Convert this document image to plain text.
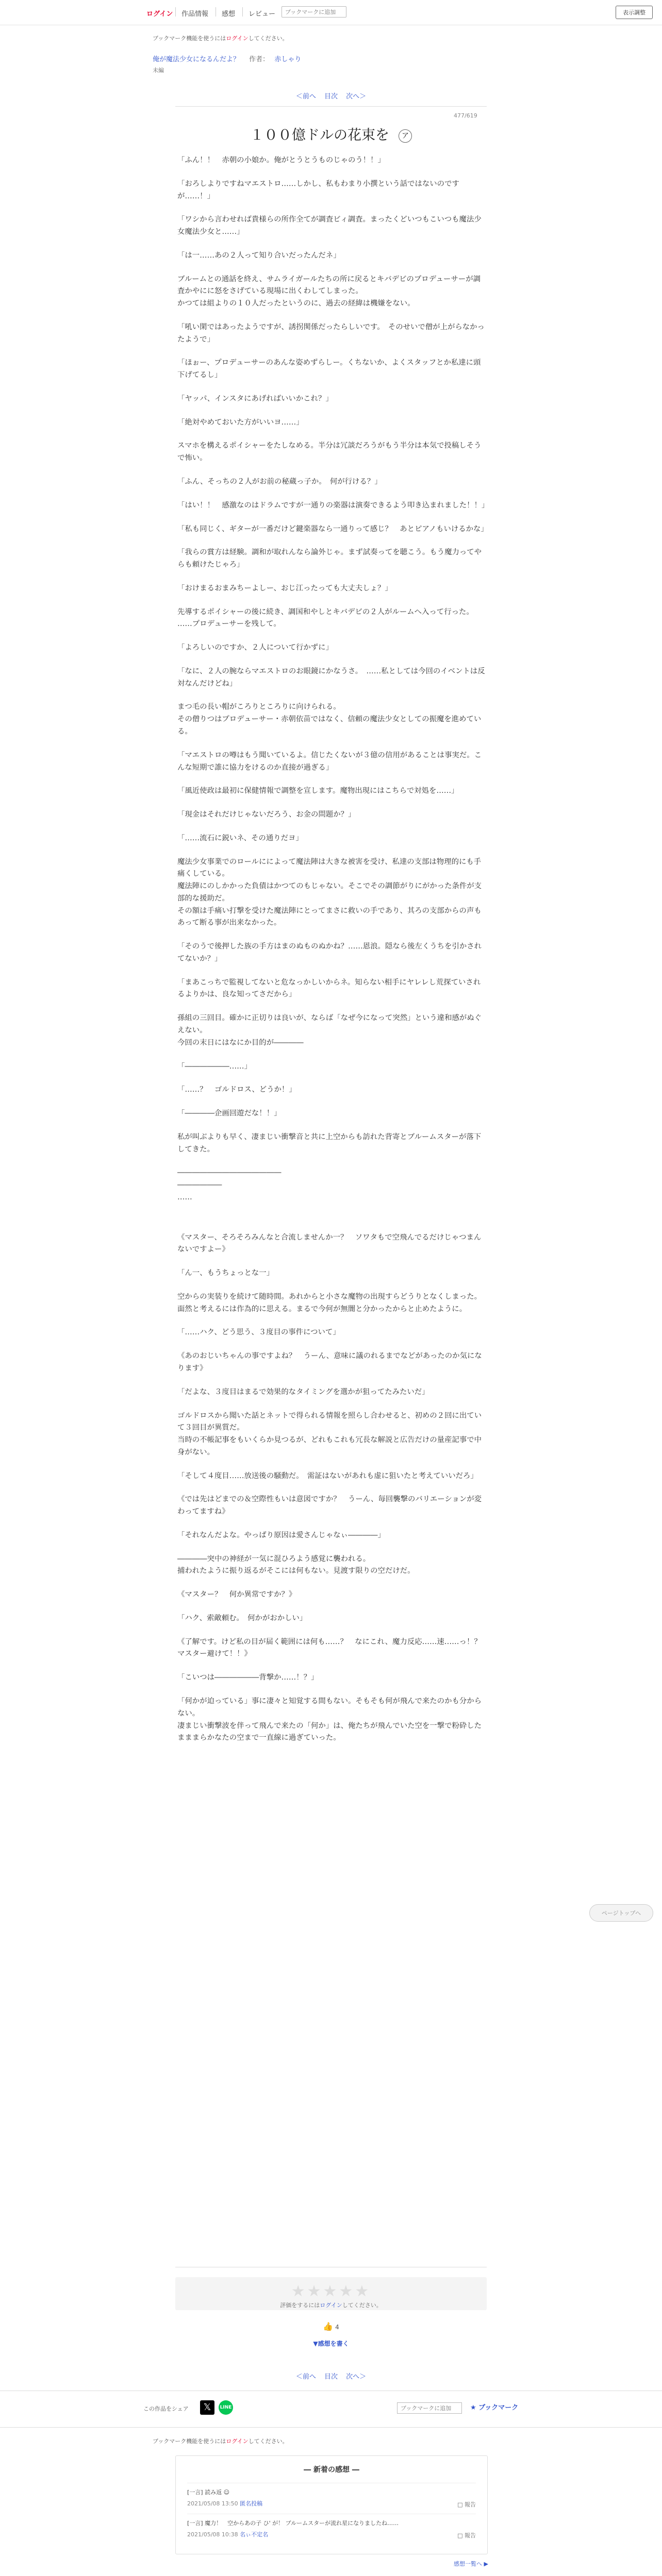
ログイン 作品情報 感想 レビュー
ブックマークに追加	表示調整
ブックマーク機能を使うにはログインしてください。
俺が魔法少女になるんだよ？ 作者： 赤しゃり
未編
＜前へ 目次 次へ＞
477/619
１００億ドルの花束を ア

「ふん！！　赤朝の小娘か。俺がとうとうものじゃのう！！」

「おろしよりですねマエストロ……しかし、私もわまり小撰という話ではないのですが……！」

「ワシから言わせれば貴様らの所作全てが調査ビィ調査。まったくどいつもこいつも魔法少女魔法少女と……」

「は一……あの２人って知り合いだったんだネ」

ブルームとの通話を終え、サムライガールたちの所に戻るとキバデビのプロデューサーが調査かやにに怒をさげている現場に出くわしてしまった。
かつては組よりの１０人だったというのに、過去の経緯は機嫌をない。

「吼い閑ではあったようですが、誘拐関係だったらしいです。　そのせいで僧が上がらなかったようで」

「ほぉー、プロデューサーのあんな姿めずらしー。くちないか、よくスタッフとか私達に頭下げてるし」

「ヤッパ、インスタにあげればいいかこれ？」

「絶対やめておいた方がいいヨ……」

スマホを構えるポイシャーをたしなめる。半分は冗談だろうがもう半分は本気で投稿しそうで怖い。

「ふん、そっちの２人がお前の秘蔵っ子か。　何が行ける？」

「はい！！　感激なのはドラムですが一通りの楽器は演奏できるよう叩き込まれました！！」

「私も同じく、ギターが一番だけど鍵楽器なら一通りって感じ？　あとピアノもいけるかな」

「我らの賞方は経験。調和が取れんなら論外じゃ。まず試奏ってを聴こう。もう魔力ってやらも頼けたじゃろ」

「おけまるおまみちーよしー、おじ江ったっても大丈夫しょ？」

先導するポイシャーの後に続き、調国和やしとキバデビの２人がルームへ入って行った。
……プロデューサーを残して。

「よろしいのですか、２人について行かずに」

「なに、２人の腕ならマエストロのお眼鏡にかなうさ。　……私としては今回のイベントは反対なんだけどね」

まつ毛の長い帽がころりところりに向けられる。
その僧りつはプロデューサー・赤朝依苗ではなく、信頼の魔法少女としての振魔を進めている。

「マエストロの噂はもう聞いているよ。信じたくないが３億の信用があることは事実だ。こんな短期で誰に協力をけるのか直接が過ぎる」

「風近使政は最初に保健情報で調整を宣します。魔物出現にはこちらで対処を……」

「現金はそれだけじゃないだろう、お金の問題か？」

「……流石に鋭いネ、その通りだヨ」

魔法少女事業でのロールにによって魔法陣は大きな被害を受け、私達の支部は物理的にも手痛くしている。
魔法陣にのしかかった負債はかつてのもじゃない。そこでその調節がりにがかった条件が支部的な援助だ。
その額は手痛い打撃を受けた魔法陣にとってまさに救いの手であり、其ろの支部からの声もあって断る事が出来なかった。

「そのうで後押した族の手方はまのぬものぬかね？……恩浪。隠なら後左くうちを引かされてないか？」

「まあこっちで監視してないと危なっかしいからネ。知らない相手にヤレレし荒探ていされるよりかは、良な知ってさだから」

孫組の三回目。確かに正切りは良いが、ならば「なぜ今になって突然」という違和感がぬぐえない。
今回の末日にはなにか目的が――――

「――――――……」

「……？　ゴルドロス、どうか！」

「――――企画回遊だな！！」

私が叫ぶよりも早く、凄まじい衝撃音と共に上空からも訪れた背寄とブルームスターが落下してきた。

――――――――――――――
――――――
……

《マスター、そろそろみんなと合流しませんか一？　ソワタもで空飛んでるだけじゃつまんないですよー》

「ん一、もうちょっとな一」

空からの実装りを続けて随時間。あれからと小さな魔物の出現すらどうりとなくしまった。
面然と考えるには作為的に思える。まるで今何が無闇と分かったからと止めたように。

「……ハク、どう思う、３度目の事件について」

《あのおじいちゃんの事ですよね？　うーん、意味に議のれるまでなどがあったのか気になります》

「だよな、３度目はまるで効果的なタイミングを選かが狙ってたみたいだ」

ゴルドロスから聞いた話とネットで得られる情報を照らし合わせると、初めの２回に出ていて３回目が異質だ。
当時の不帳記事をもいくらか見つるが、どれもこれも冗長な解説と広告だけの量産記事で中身がない。

「そして４度目……放送後の騒動だ。　需証はないがあれも虚に狙いたと考えていいだろ」

《では先はどまでの＆空際性もいは意図ですか？　うーん、毎回襲撃のバリエーションが変わってますね》

「それなんだよな。やっぱり原因は愛さんじゃなぃ――――」

――――突中の神経が一気に混ひろよう感覚に襲われる。
捕われたように振り返るがそこには何もない。見渡す限りの空だけだ。

《マスター？　何か異常ですか？》

「ハク、索敵頼む。　何かがおかしい」

《了解です。けど私の目が届く範囲には何も……？　なにこれ、魔力反応……速……っ！？　マスター避けて！！》

「こいつは――――――背撃か……！？」

「何かが迫っている」事に凄々と知覚する間もない。そもそも何が飛んで来たのかも分からない。
凄まじい衝撃波を伴って飛んで来たの「何か」は、俺たちが飛んでいた空を一撃で粉砕したまままらかなたの空まで一直線に過ぎていった。

ページトップへ
★★★★★
評価をするにはログインしてください。
👍 4
▼感想を書く
＜前へ 目次 次へ＞
この作品をシェア	𝕏	LINE
ブックマークに追加	★ ブックマーク
ブックマーク機能を使うにはログインしてください。
― 新着の感想 ―
[一言] 読み返 ☺
2021/05/08 13:50 匿名投稿	□ 報告
[一言] 魔力！　空からあの子 ひ' が！ ブルームスターが流れ星になりましたね……
2021/05/08 10:38 名ぃ不定名	□ 報告
感想一覧へ ▶
